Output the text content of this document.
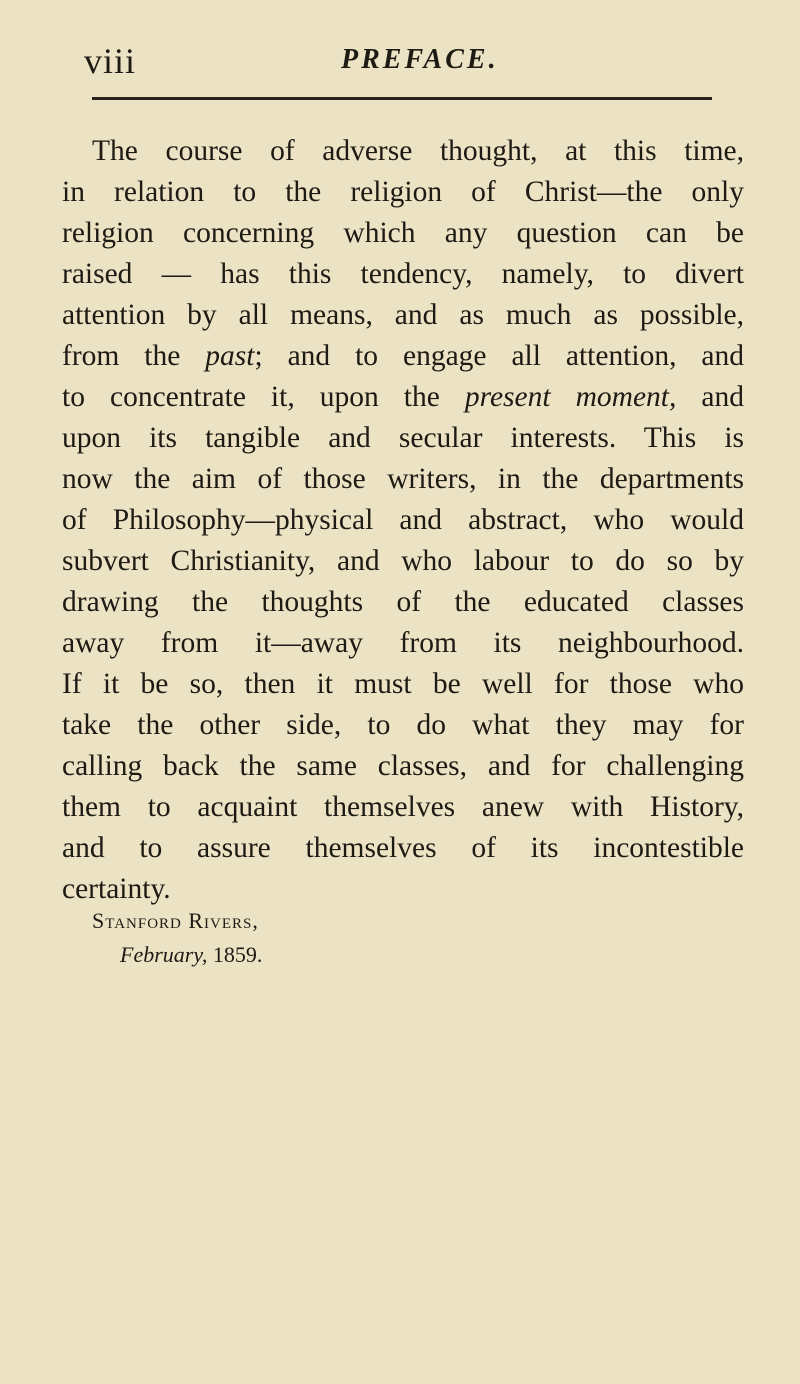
viii	PREFACE.

The course of adverse thought, at this time,
in relation to the religion of Christ—the only
religion concerning which any question can be
raised — has this tendency, namely, to divert
attention by all means, and as much as possible,
from the past; and to engage all attention, and
to concentrate it, upon the present moment, and
upon its tangible and secular interests. This is
now the aim of those writers, in the departments
of Philosophy—physical and abstract, who would
subvert Christianity, and who labour to do so by
drawing the thoughts of the educated classes
away from it—away from its neighbourhood.
If it be so, then it must be well for those who
take the other side, to do what they may for
calling back the same classes, and for challenging
them to acquaint themselves anew with History,
and to assure themselves of its incontestible
certainty.

Stanford Rivers,
February, 1859.
